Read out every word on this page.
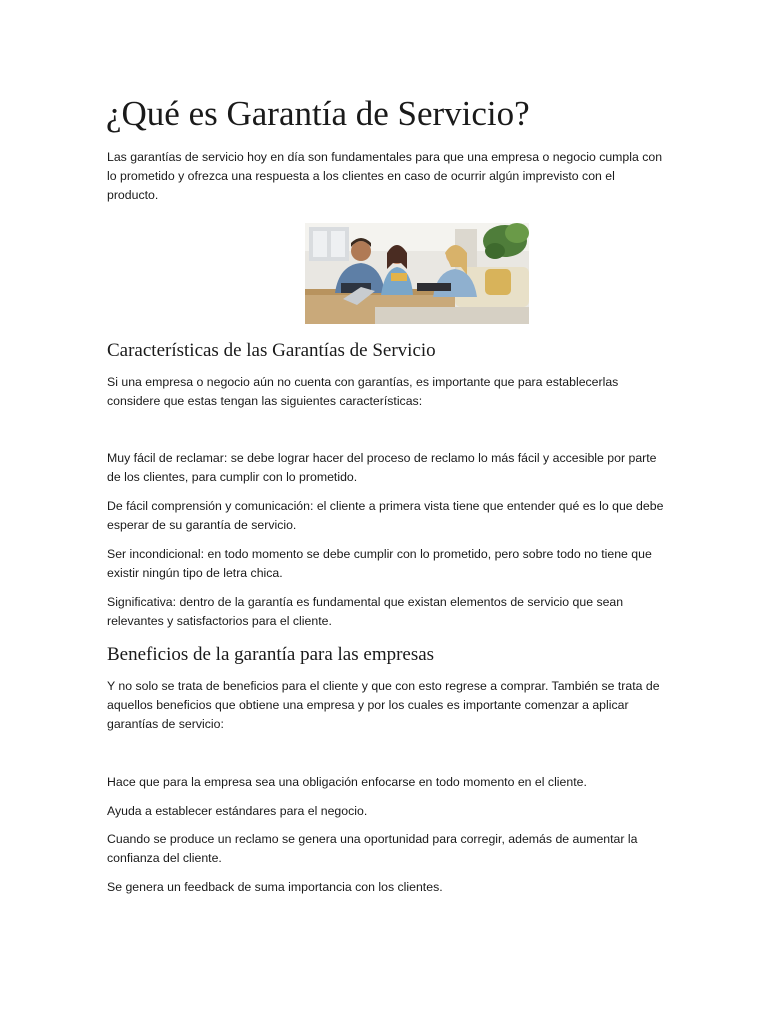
¿Qué es Garantía de Servicio?

Las garantías de servicio hoy en día son fundamentales para que una empresa o negocio cumpla con lo prometido y ofrezca una respuesta a los clientes en caso de ocurrir algún imprevisto con el producto.

Características de las Garantías de Servicio

Si una empresa o negocio aún no cuenta con garantías, es importante que para establecerlas considere que estas tengan las siguientes características:

Muy fácil de reclamar: se debe lograr hacer del proceso de reclamo lo más fácil y accesible por parte de los clientes, para cumplir con lo prometido.

De fácil comprensión y comunicación: el cliente a primera vista tiene que entender qué es lo que debe esperar de su garantía de servicio.

Ser incondicional: en todo momento se debe cumplir con lo prometido, pero sobre todo no tiene que existir ningún tipo de letra chica.

Significativa: dentro de la garantía es fundamental que existan elementos de servicio que sean relevantes y satisfactorios para el cliente.

Beneficios de la garantía para las empresas

Y no solo se trata de beneficios para el cliente y que con esto regrese a comprar. También se trata de aquellos beneficios que obtiene una empresa y por los cuales es importante comenzar a aplicar garantías de servicio:

Hace que para la empresa sea una obligación enfocarse en todo momento en el cliente.

Ayuda a establecer estándares para el negocio.

Cuando se produce un reclamo se genera una oportunidad para corregir, además de aumentar la confianza del cliente.

Se genera un feedback de suma importancia con los clientes.
